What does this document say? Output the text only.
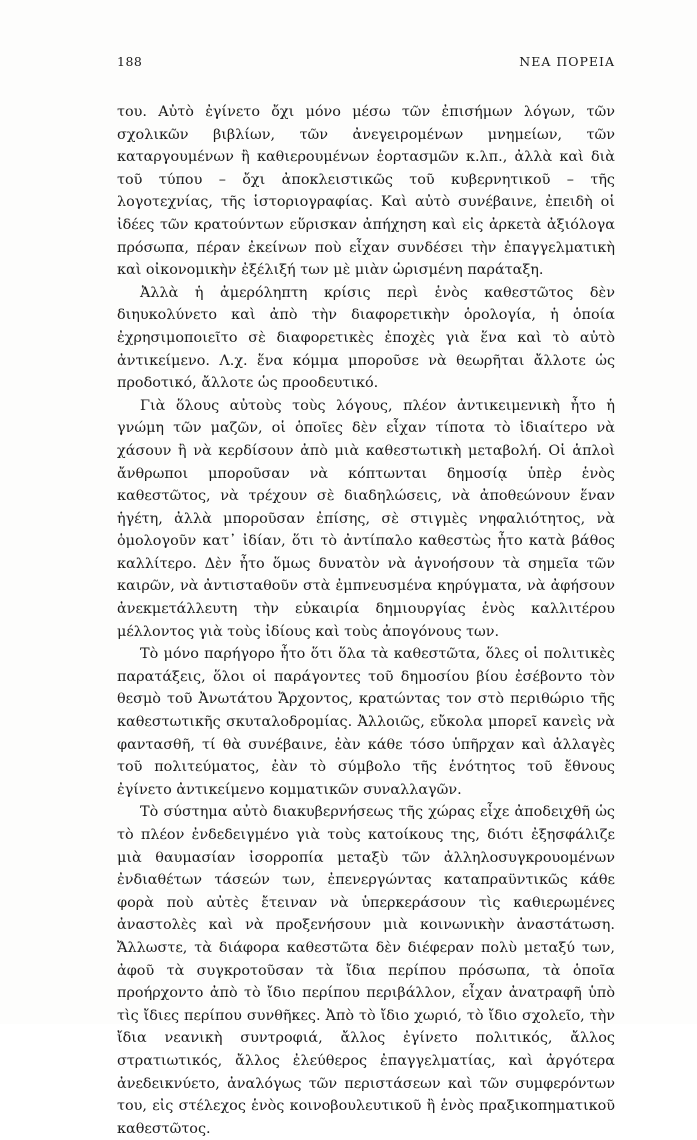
188	ΝΕΑ ΠΟΡΕΙΑ

του. Αὐτὸ ἐγίνετο ὄχι μόνο μέσω τῶν ἐπισήμων λόγων, τῶν σχολικῶν βιβλίων, τῶν ἀνεγειρομένων μνημείων, τῶν καταργουμένων ἢ καθιερουμένων ἑορτασμῶν κ.λπ., ἀλλὰ καὶ διὰ τοῦ τύπου – ὄχι ἀποκλειστικῶς τοῦ κυβερνητικοῦ – τῆς λογοτεχνίας, τῆς ἱστοριογραφίας. Καὶ αὐτὸ συνέβαινε, ἐπειδὴ οἱ ἰδέες τῶν κρατούντων εὕρισκαν ἀπήχηση καὶ εἰς ἀρκετὰ ἀξιόλογα πρόσωπα, πέραν ἐκείνων ποὺ εἶχαν συνδέσει τὴν ἐπαγγελματικὴ καὶ οἰκονομικὴν ἐξέλιξή των μὲ μιὰν ὡρισμένη παράταξη.

Ἀλλὰ ἡ ἀμερόληπτη κρίσις περὶ ἑνὸς καθεστῶτος δὲν διηυκολύνετο καὶ ἀπὸ τὴν διαφορετικὴν ὁρολογία, ἡ ὁποία ἐχρησιμοποιεῖτο σὲ διαφορετικὲς ἐποχὲς γιὰ ἕνα καὶ τὸ αὐτὸ ἀντικείμενο. Λ.χ. ἕνα κόμμα μποροῦσε νὰ θεωρῆται ἄλλοτε ὡς προδοτικό, ἄλλοτε ὡς προοδευτικό.

Γιὰ ὅλους αὐτοὺς τοὺς λόγους, πλέον ἀντικειμενικὴ ἦτο ἡ γνώμη τῶν μαζῶν, οἱ ὁποῖες δὲν εἶχαν τίποτα τὸ ἰδιαίτερο νὰ χάσουν ἢ νὰ κερδίσουν ἀπὸ μιὰ καθεστωτικὴ μεταβολή. Οἱ ἁπλοὶ ἄνθρωποι μποροῦσαν νὰ κόπτωνται δημοσίᾳ ὑπὲρ ἑνὸς καθεστῶτος, νὰ τρέχουν σὲ διαδηλώσεις, νὰ ἀποθεώνουν ἕναν ἡγέτη, ἀλλὰ μποροῦσαν ἐπίσης, σὲ στιγμὲς νηφαλιότητος, νὰ ὁμολογοῦν κατ᾽ ἰδίαν, ὅτι τὸ ἀντίπαλο καθεστὼς ἦτο κατὰ βάθος καλλίτερο. Δὲν ἦτο ὅμως δυνατὸν νὰ ἀγνοήσουν τὰ σημεῖα τῶν καιρῶν, νὰ ἀντισταθοῦν στὰ ἐμπνευσμένα κηρύγματα, νὰ ἀφήσουν ἀνεκμετάλλευτη τὴν εὐκαιρία δημιουργίας ἑνὸς καλλιτέρου μέλλοντος γιὰ τοὺς ἰδίους καὶ τοὺς ἀπογόνους των.

Τὸ μόνο παρήγορο ἦτο ὅτι ὅλα τὰ καθεστῶτα, ὅλες οἱ πολιτικὲς παρατάξεις, ὅλοι οἱ παράγοντες τοῦ δημοσίου βίου ἐσέβοντο τὸν θεσμὸ τοῦ Ἀνωτάτου Ἄρχοντος, κρατώντας τον στὸ περιθώριο τῆς καθεστωτικῆς σκυταλοδρομίας. Ἀλλοιῶς, εὔκολα μπορεῖ κανεὶς νὰ φαντασθῆ, τί θὰ συνέβαινε, ἐὰν κάθε τόσο ὑπῆρχαν καὶ ἀλλαγὲς τοῦ πολιτεύματος, ἐὰν τὸ σύμβολο τῆς ἑνότητος τοῦ ἔθνους ἐγίνετο ἀντικείμενο κομματικῶν συναλλαγῶν.

Τὸ σύστημα αὐτὸ διακυβερνήσεως τῆς χώρας εἶχε ἀποδειχθῆ ὡς τὸ πλέον ἐνδεδειγμένο γιὰ τοὺς κατοίκους της, διότι ἐξησφάλιζε μιὰ θαυμασίαν ἰσορροπία μεταξὺ τῶν ἀλληλοσυγκρουομένων ἐνδιαθέτων τάσεών των, ἐπενεργώντας καταπραϋντικῶς κάθε φορὰ ποὺ αὐτὲς ἔτειναν νὰ ὑπερκεράσουν τὶς καθιερωμένες ἀναστολὲς καὶ νὰ προξενήσουν μιὰ κοινωνικὴν ἀναστάτωση. Ἄλλωστε, τὰ διάφορα καθεστῶτα δὲν διέφεραν πολὺ μεταξύ των, ἀφοῦ τὰ συγκροτοῦσαν τὰ ἴδια περίπου πρόσωπα, τὰ ὁποῖα προήρχοντο ἀπὸ τὸ ἴδιο περίπου περιβάλλον, εἶχαν ἀνατραφῆ ὑπὸ τὶς ἴδιες περίπου συνθῆκες. Ἀπὸ τὸ ἴδιο χωριό, τὸ ἴδιο σχολεῖο, τὴν ἴδια νεανικὴ συντροφιά, ἄλλος ἐγίνετο πολιτικός, ἄλλος στρατιωτικός, ἄλλος ἐλεύθερος ἐπαγγελματίας, καὶ ἀργότερα ἀνεδεικνύετο, ἀναλόγως τῶν περιστάσεων καὶ τῶν συμφερόντων του, εἰς στέλεχος ἑνὸς κοινοβουλευτικοῦ ἢ ἑνὸς πραξικοπηματικοῦ καθεστῶτος.
